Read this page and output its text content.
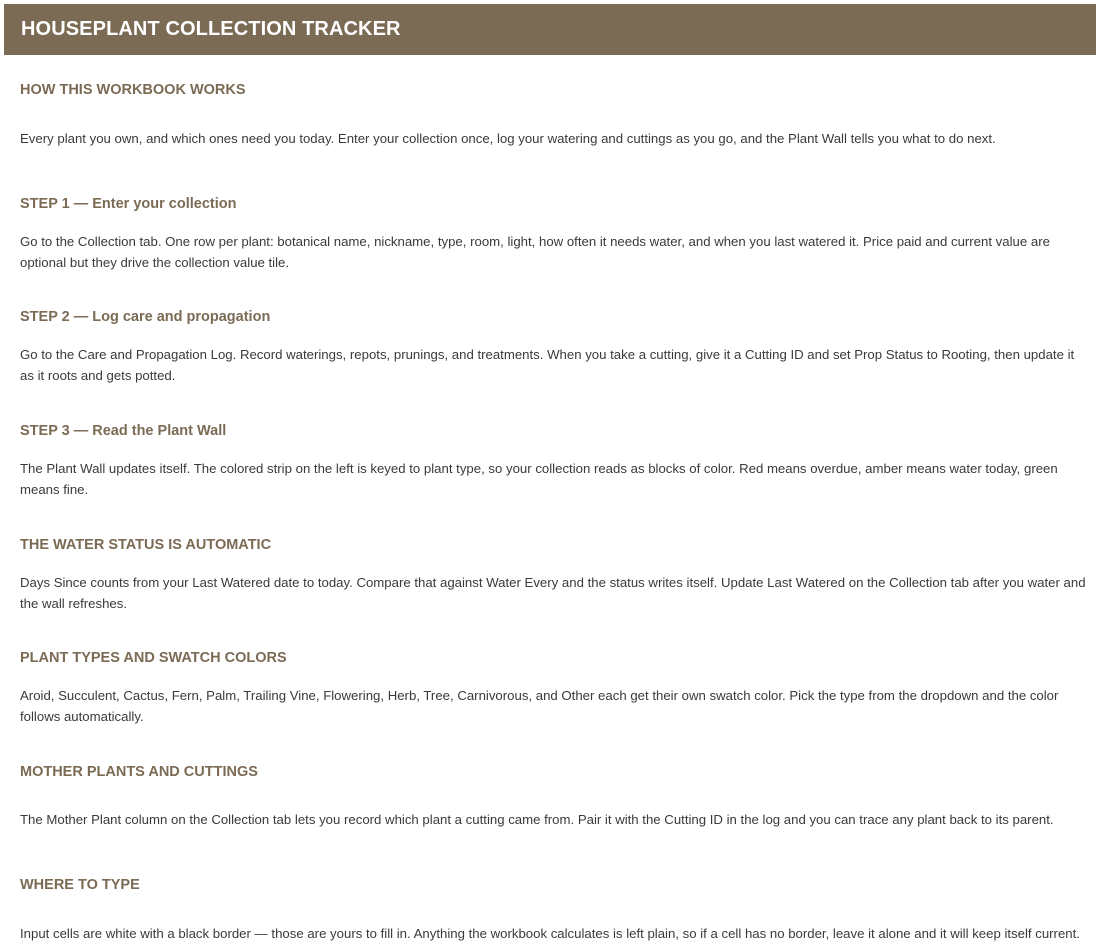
HOUSEPLANT COLLECTION TRACKER
HOW THIS WORKBOOK WORKS
Every plant you own, and which ones need you today. Enter your collection once, log your watering and cuttings as you go, and the Plant Wall tells you what to do next.
STEP 1 — Enter your collection
Go to the Collection tab. One row per plant: botanical name, nickname, type, room, light, how often it needs water, and when you last watered it. Price paid and current value are optional but they drive the collection value tile.
STEP 2 — Log care and propagation
Go to the Care and Propagation Log. Record waterings, repots, prunings, and treatments. When you take a cutting, give it a Cutting ID and set Prop Status to Rooting, then update it as it roots and gets potted.
STEP 3 — Read the Plant Wall
The Plant Wall updates itself. The colored strip on the left is keyed to plant type, so your collection reads as blocks of color. Red means overdue, amber means water today, green means fine.
THE WATER STATUS IS AUTOMATIC
Days Since counts from your Last Watered date to today. Compare that against Water Every and the status writes itself. Update Last Watered on the Collection tab after you water and the wall refreshes.
PLANT TYPES AND SWATCH COLORS
Aroid, Succulent, Cactus, Fern, Palm, Trailing Vine, Flowering, Herb, Tree, Carnivorous, and Other each get their own swatch color. Pick the type from the dropdown and the color follows automatically.
MOTHER PLANTS AND CUTTINGS
The Mother Plant column on the Collection tab lets you record which plant a cutting came from. Pair it with the Cutting ID in the log and you can trace any plant back to its parent.
WHERE TO TYPE
Input cells are white with a black border — those are yours to fill in. Anything the workbook calculates is left plain, so if a cell has no border, leave it alone and it will keep itself current.
